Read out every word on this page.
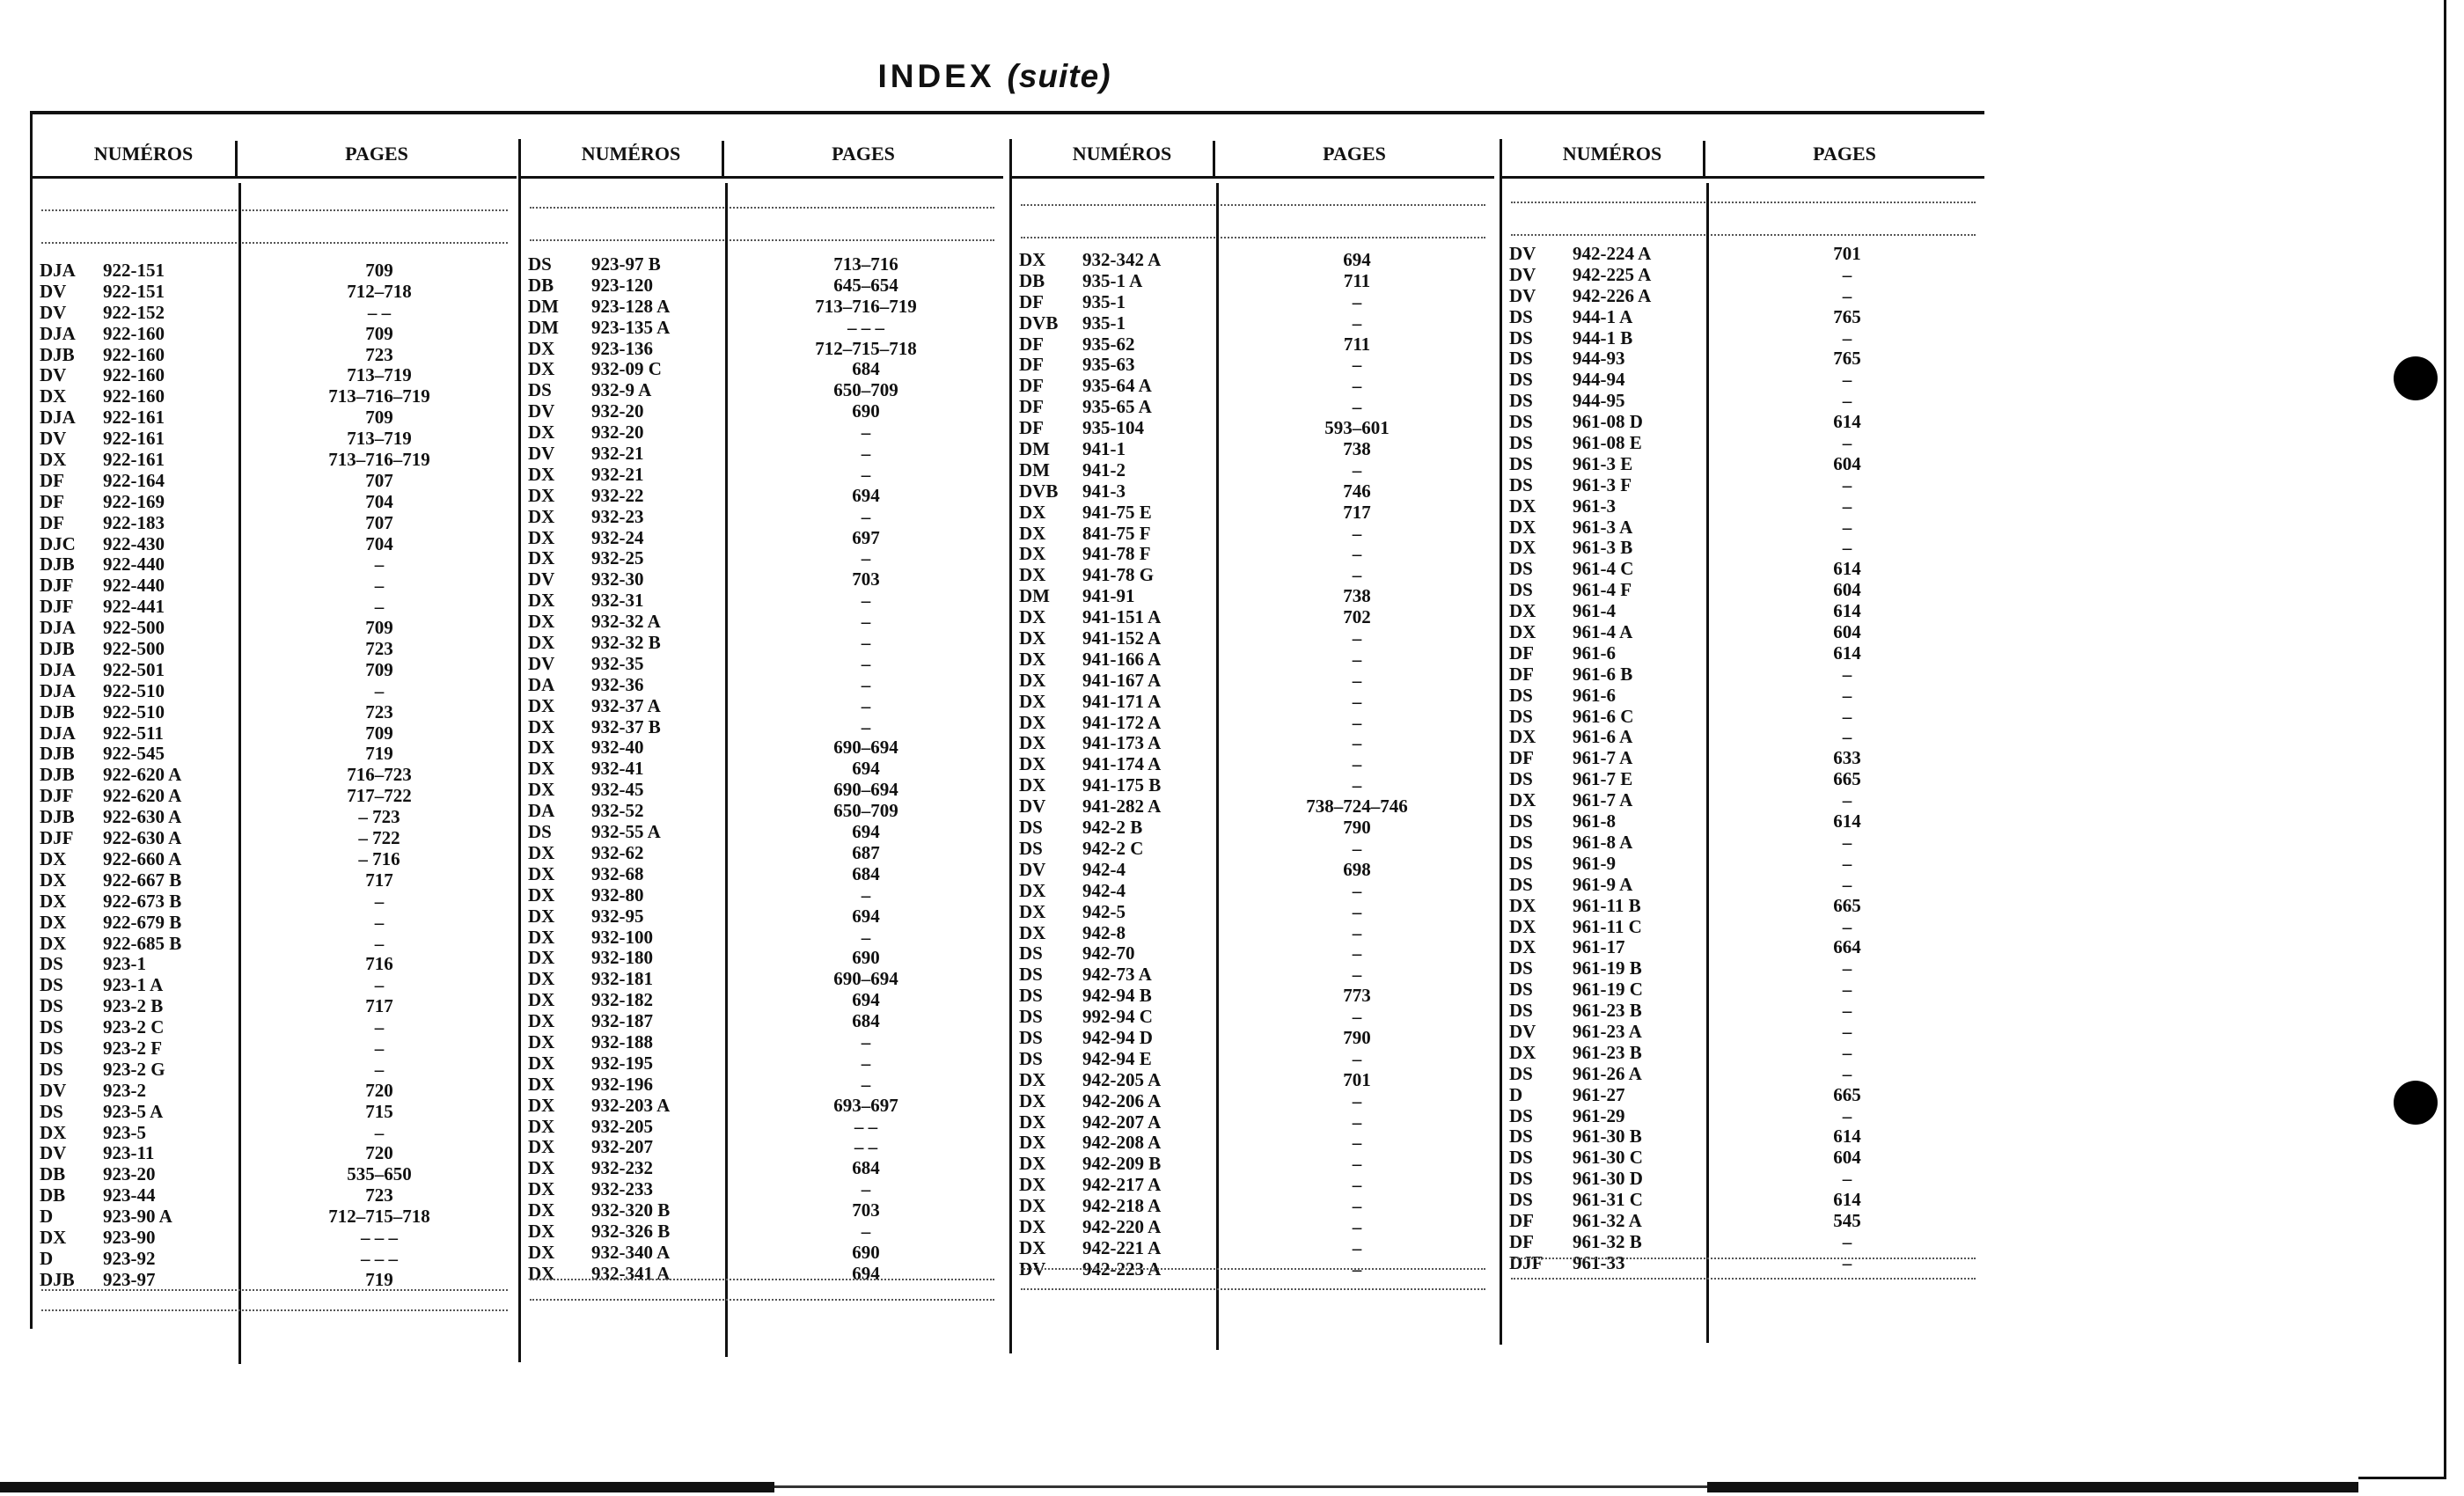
INDEX (suite)
NUMÉROS	PAGES
DJA 922-151	709
DV 922-151	712–718
DV 922-152	– –
DJA 922-160	709
DJB 922-160	723
DV 922-160	713–719
DX 922-160	713–716–719
DJA 922-161	709
DV 922-161	713–719
DX 922-161	713–716–719
DF 922-164	707
DF 922-169	704
DF 922-183	707
DJC 922-430	704
DJB 922-440	–
DJF 922-440	–
DJF 922-441	–
DJA 922-500	709
DJB 922-500	723
DJA 922-501	709
DJA 922-510	–
DJB 922-510	723
DJA 922-511	709
DJB 922-545	719
DJB 922-620 A	716–723
DJF 922-620 A	717–722
DJB 922-630 A	– 723
DJF 922-630 A	– 722
DX 922-660 A	– 716
DX 922-667 B	717
DX 922-673 B	–
DX 922-679 B	–
DX 922-685 B	–
DS 923-1	716
DS 923-1 A	–
DS 923-2 B	717
DS 923-2 C	–
DS 923-2 F	–
DS 923-2 G	–
DV 923-2	720
DS 923-5 A	715
DX 923-5	–
DV 923-11	720
DB 923-20	535–650
DB 923-44	723
D	923-90 A	712–715–718
DX 923-90	– – –
D	923-92	– – –
DJB 923-97	719
NUMÉROS	PAGES
DS 923-97 B	713–716
DB 923-120	645–654
DM 923-128 A	713–716–719
DM 923-135 A	– – –
DX 923-136	712–715–718
DX 932-09 C	684
DS 932-9 A	650–709
DV 932-20	690
DX 932-20	–
DV 932-21	–
DX 932-21	–
DX 932-22	694
DX 932-23	–
DX 932-24	697
DX 932-25	–
DV 932-30	703
DX 932-31	–
DX 932-32 A	–
DX 932-32 B	–
DV 932-35	–
DA 932-36	–
DX 932-37 A	–
DX 932-37 B	–
DX 932-40	690–694
DX 932-41	694
DX 932-45	690–694
DA 932-52	650–709
DS 932-55 A	694
DX 932-62	687
DX 932-68	684
DX 932-80	–
DX 932-95	694
DX 932-100	–
DX 932-180	690
DX 932-181	690–694
DX 932-182	694
DX 932-187	684
DX 932-188	–
DX 932-195	–
DX 932-196	–
DX 932-203 A	693–697
DX 932-205	– –
DX 932-207	– –
DX 932-232	684
DX 932-233	–
DX 932-320 B	703
DX 932-326 B	–
DX 932-340 A	690
DX 932-341 A	694
NUMÉROS	PAGES
DX 932-342 A	694
DB 935-1 A	711
DF 935-1	–
DVB 935-1	–
DF 935-62	711
DF 935-63	–
DF 935-64 A	–
DF 935-65 A	–
DF 935-104	593–601
DM 941-1	738
DM 941-2	–
DVB 941-3	746
DX 941-75 E	717
DX 841-75 F	–
DX 941-78 F	–
DX 941-78 G	–
DM 941-91	738
DX 941-151 A	702
DX 941-152 A	–
DX 941-166 A	–
DX 941-167 A	–
DX 941-171 A	–
DX 941-172 A	–
DX 941-173 A	–
DX 941-174 A	–
DX 941-175 B	–
DV 941-282 A	738–724–746
DS 942-2 B	790
DS 942-2 C	–
DV 942-4	698
DX 942-4	–
DX 942-5	–
DX 942-8	–
DS 942-70	–
DS 942-73 A	–
DS 942-94 B	773
DS 992-94 C	–
DS 942-94 D	790
DS 942-94 E	–
DX 942-205 A	701
DX 942-206 A	–
DX 942-207 A	–
DX 942-208 A	–
DX 942-209 B	–
DX 942-217 A	–
DX 942-218 A	–
DX 942-220 A	–
DX 942-221 A	–
DV 942-223 A	–
NUMÉROS	PAGES
DV 942-224 A	701
DV 942-225 A	–
DV 942-226 A	–
DS 944-1 A	765
DS 944-1 B	–
DS 944-93	765
DS 944-94	–
DS 944-95	–
DS 961-08 D	614
DS 961-08 E	–
DS 961-3 E	604
DS 961-3 F	–
DX 961-3	–
DX 961-3 A	–
DX 961-3 B	–
DS 961-4 C	614
DS 961-4 F	604
DX 961-4	614
DX 961-4 A	604
DF 961-6	614
DF 961-6 B	–
DS 961-6	–
DS 961-6 C	–
DX 961-6 A	–
DF 961-7 A	633
DS 961-7 E	665
DX 961-7 A	–
DS 961-8	614
DS 961-8 A	–
DS 961-9	–
DS 961-9 A	–
DX 961-11 B	665
DX 961-11 C	–
DX 961-17	664
DS 961-19 B	–
DS 961-19 C	–
DS 961-23 B	–
DV 961-23 A	–
DX 961-23 B	–
DS 961-26 A	–
D	961-27	665
DS 961-29	–
DS 961-30 B	614
DS 961-30 C	604
DS 961-30 D	–
DS 961-31 C	614
DF 961-32 A	545
DF 961-32 B	–
DJF 961-33	–
